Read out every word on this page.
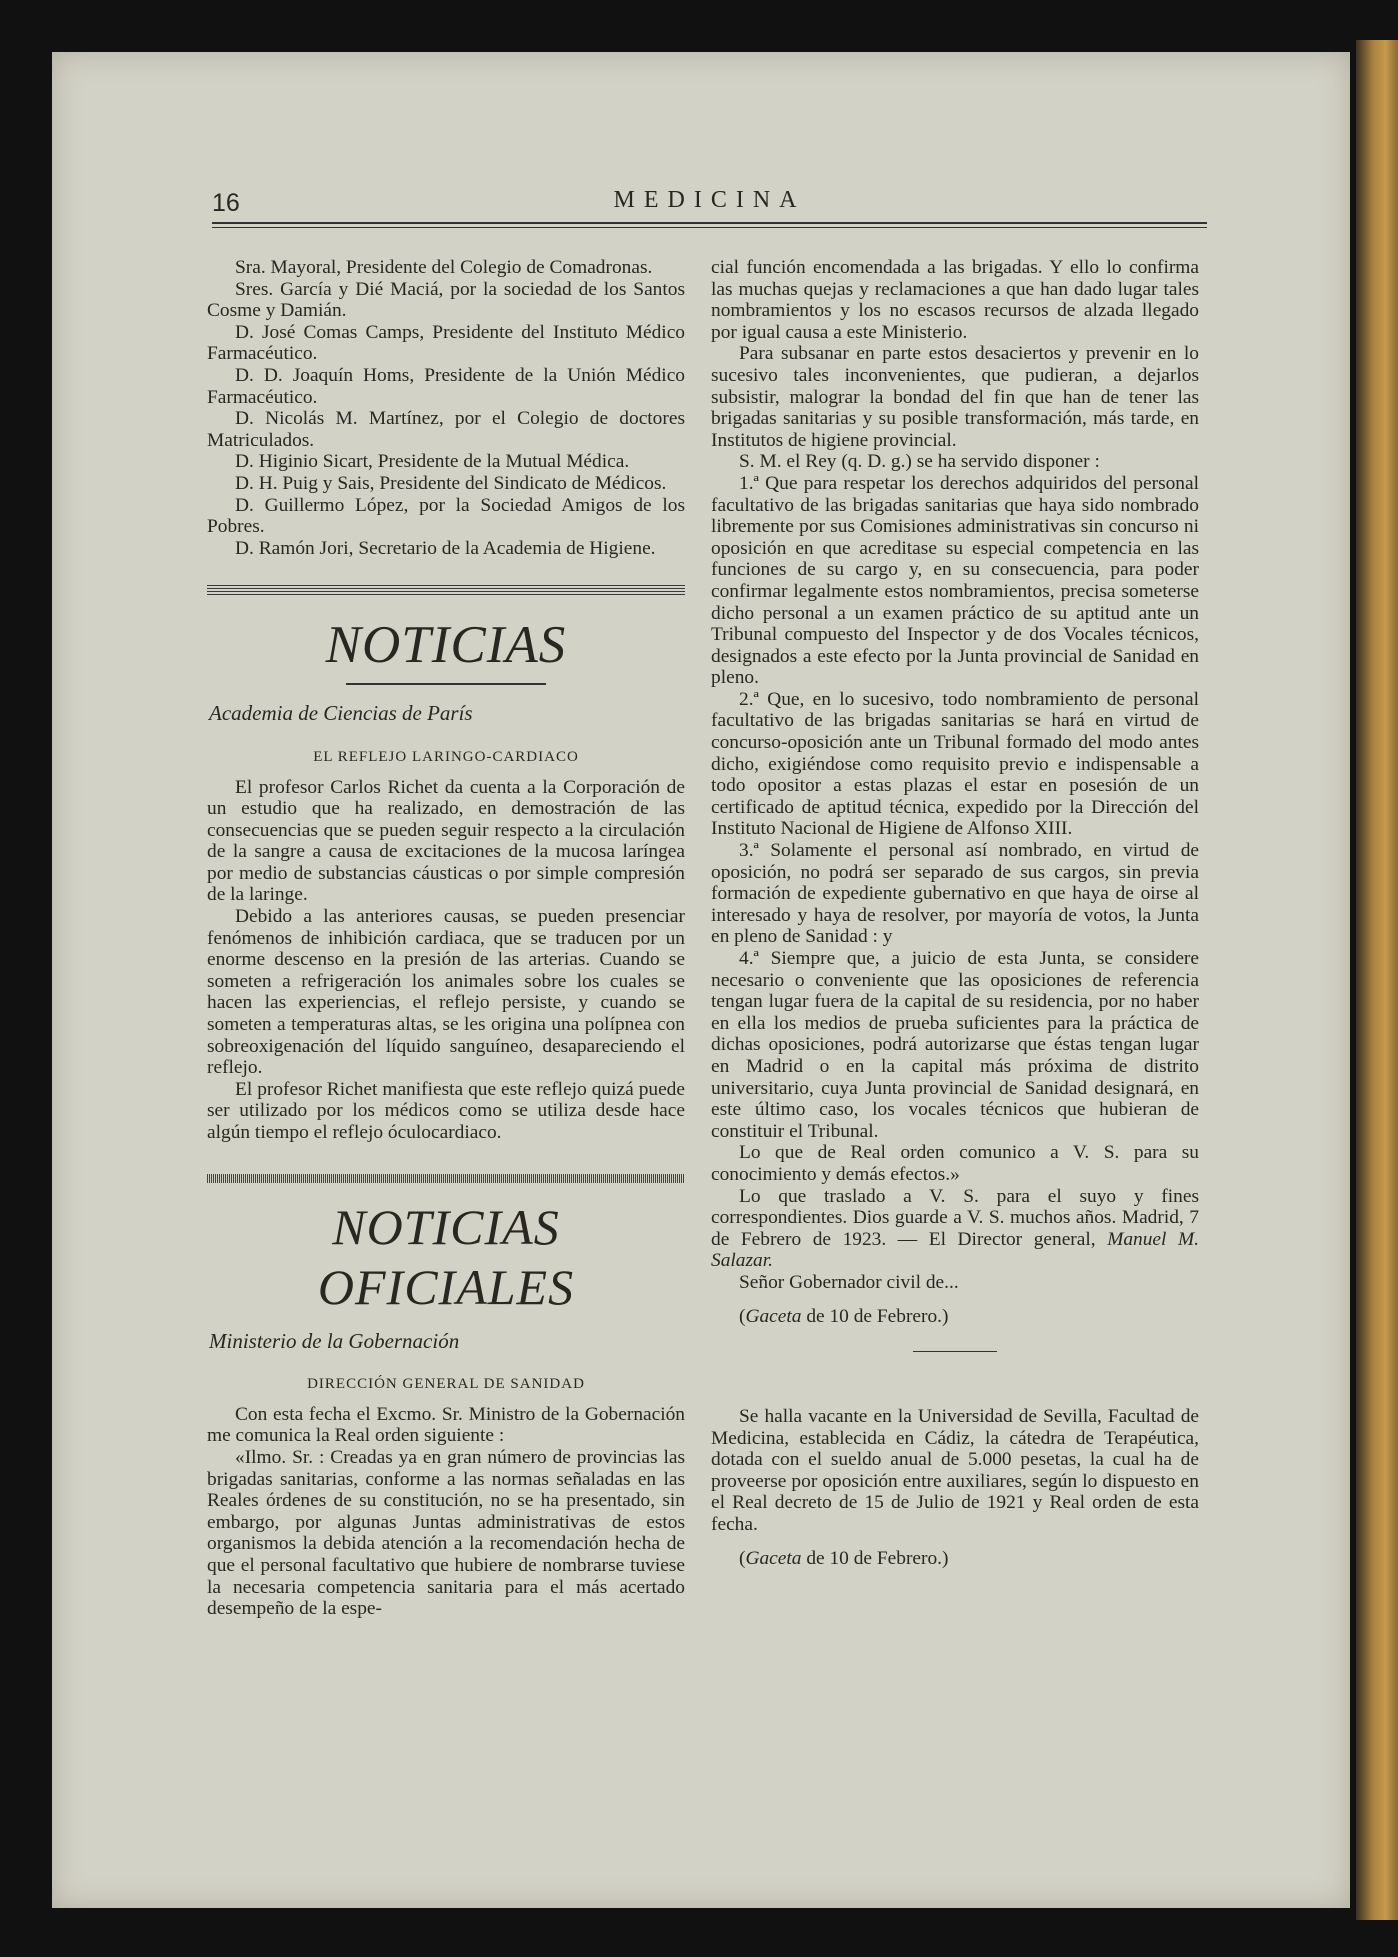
16	MEDICINA

Sra. Mayoral, Presidente del Colegio de Comadronas.

Sres. García y Dié Maciá, por la sociedad de los Santos Cosme y Damián.

D. José Comas Camps, Presidente del Instituto Médico Farmacéutico.

D. D. Joaquín Homs, Presidente de la Unión Médico Farmacéutico.

D. Nicolás M. Martínez, por el Colegio de doctores Matriculados.

D. Higinio Sicart, Presidente de la Mutual Médica.

D. H. Puig y Sais, Presidente del Sindicato de Médicos.

D. Guillermo López, por la Sociedad Amigos de los Pobres.

D. Ramón Jori, Secretario de la Academia de Higiene.

NOTICIAS
Academia de Ciencias de París

EL REFLEJO LARINGO-CARDIACO

El profesor Carlos Richet da cuenta a la Corporación de un estudio que ha realizado, en demostración de las consecuencias que se pueden seguir respecto a la circulación de la sangre a causa de excitaciones de la mucosa laríngea por medio de substancias cáusticas o por simple compresión de la laringe.

Debido a las anteriores causas, se pueden presenciar fenómenos de inhibición cardiaca, que se traducen por un enorme descenso en la presión de las arterias. Cuando se someten a refrigeración los animales sobre los cuales se hacen las experiencias, el reflejo persiste, y cuando se someten a temperaturas altas, se les origina una polípnea con sobreoxigenación del líquido sanguíneo, desapareciendo el reflejo.

El profesor Richet manifiesta que este reflejo quizá puede ser utilizado por los médicos como se utiliza desde hace algún tiempo el reflejo óculocardiaco.

NOTICIAS OFICIALES
Ministerio de la Gobernación

DIRECCIÓN GENERAL DE SANIDAD

Con esta fecha el Excmo. Sr. Ministro de la Gobernación me comunica la Real orden siguiente :

«Ilmo. Sr. : Creadas ya en gran número de provincias las brigadas sanitarias, conforme a las normas señaladas en las Reales órdenes de su constitución, no se ha presentado, sin embargo, por algunas Juntas administrativas de estos organismos la debida atención a la recomendación hecha de que el personal facultativo que hubiere de nombrarse tuviese la necesaria competencia sanitaria para el más acertado desempeño de la espe-

cial función encomendada a las brigadas. Y ello lo confirma las muchas quejas y reclamaciones a que han dado lugar tales nombramientos y los no escasos recursos de alzada llegado por igual causa a este Ministerio.

Para subsanar en parte estos desaciertos y prevenir en lo sucesivo tales inconvenientes, que pudieran, a dejarlos subsistir, malograr la bondad del fin que han de tener las brigadas sanitarias y su posible transformación, más tarde, en Institutos de higiene provincial.

S. M. el Rey (q. D. g.) se ha servido disponer :

1.ª Que para respetar los derechos adquiridos del personal facultativo de las brigadas sanitarias que haya sido nombrado libremente por sus Comisiones administrativas sin concurso ni oposición en que acreditase su especial competencia en las funciones de su cargo y, en su consecuencia, para poder confirmar legalmente estos nombramientos, precisa someterse dicho personal a un examen práctico de su aptitud ante un Tribunal compuesto del Inspector y de dos Vocales técnicos, designados a este efecto por la Junta provincial de Sanidad en pleno.

2.ª Que, en lo sucesivo, todo nombramiento de personal facultativo de las brigadas sanitarias se hará en virtud de concurso-oposición ante un Tribunal formado del modo antes dicho, exigiéndose como requisito previo e indispensable a todo opositor a estas plazas el estar en posesión de un certificado de aptitud técnica, expedido por la Dirección del Instituto Nacional de Higiene de Alfonso XIII.

3.ª Solamente el personal así nombrado, en virtud de oposición, no podrá ser separado de sus cargos, sin previa formación de expediente gubernativo en que haya de oirse al interesado y haya de resolver, por mayoría de votos, la Junta en pleno de Sanidad : y

4.ª Siempre que, a juicio de esta Junta, se considere necesario o conveniente que las oposiciones de referencia tengan lugar fuera de la capital de su residencia, por no haber en ella los medios de prueba suficientes para la práctica de dichas oposiciones, podrá autorizarse que éstas tengan lugar en Madrid o en la capital más próxima de distrito universitario, cuya Junta provincial de Sanidad designará, en este último caso, los vocales técnicos que hubieran de constituir el Tribunal.

Lo que de Real orden comunico a V. S. para su conocimiento y demás efectos.»

Lo que traslado a V. S. para el suyo y fines correspondientes. Dios guarde a V. S. muchos años. Madrid, 7 de Febrero de 1923. — El Director general, Manuel M. Salazar.

Señor Gobernador civil de...

(Gaceta de 10 de Febrero.)

Se halla vacante en la Universidad de Sevilla, Facultad de Medicina, establecida en Cádiz, la cátedra de Terapéutica, dotada con el sueldo anual de 5.000 pesetas, la cual ha de proveerse por oposición entre auxiliares, según lo dispuesto en el Real decreto de 15 de Julio de 1921 y Real orden de esta fecha.

(Gaceta de 10 de Febrero.)
